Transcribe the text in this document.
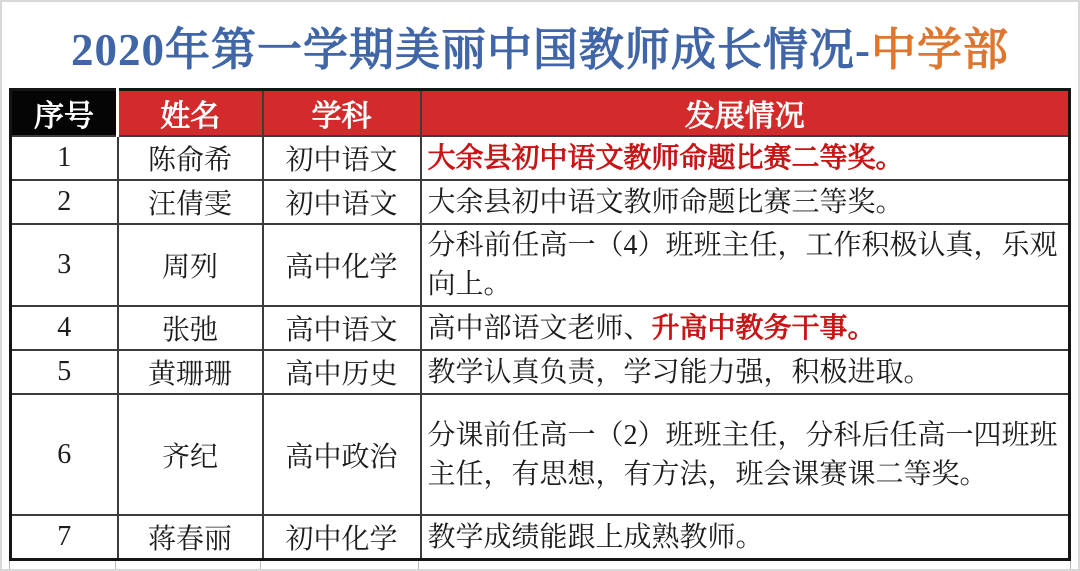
2020年第一学期美丽中国教师成长情况- 中学部
序号	姓名	学科	发展情况
1	陈俞希	初中语文	大余县初中语文教师命题比赛二等奖。
2	汪倩雯	初中语文	大余县初中语文教师命题比赛三等奖。
3	周列	高中化学	分科前任高一（4）班班主任，工作积极认真，乐观向上。
4	张弛	高中语文	高中部语文老师、升高中教务干事。
5	黄珊珊	高中历史	教学认真负责，学习能力强，积极进取。
6	齐纪	高中政治	分课前任高一（2）班班主任，分科后任高一四班班主任，有思想，有方法，班会课赛课二等奖。
7	蒋春丽	初中化学	教学成绩能跟上成熟教师。
